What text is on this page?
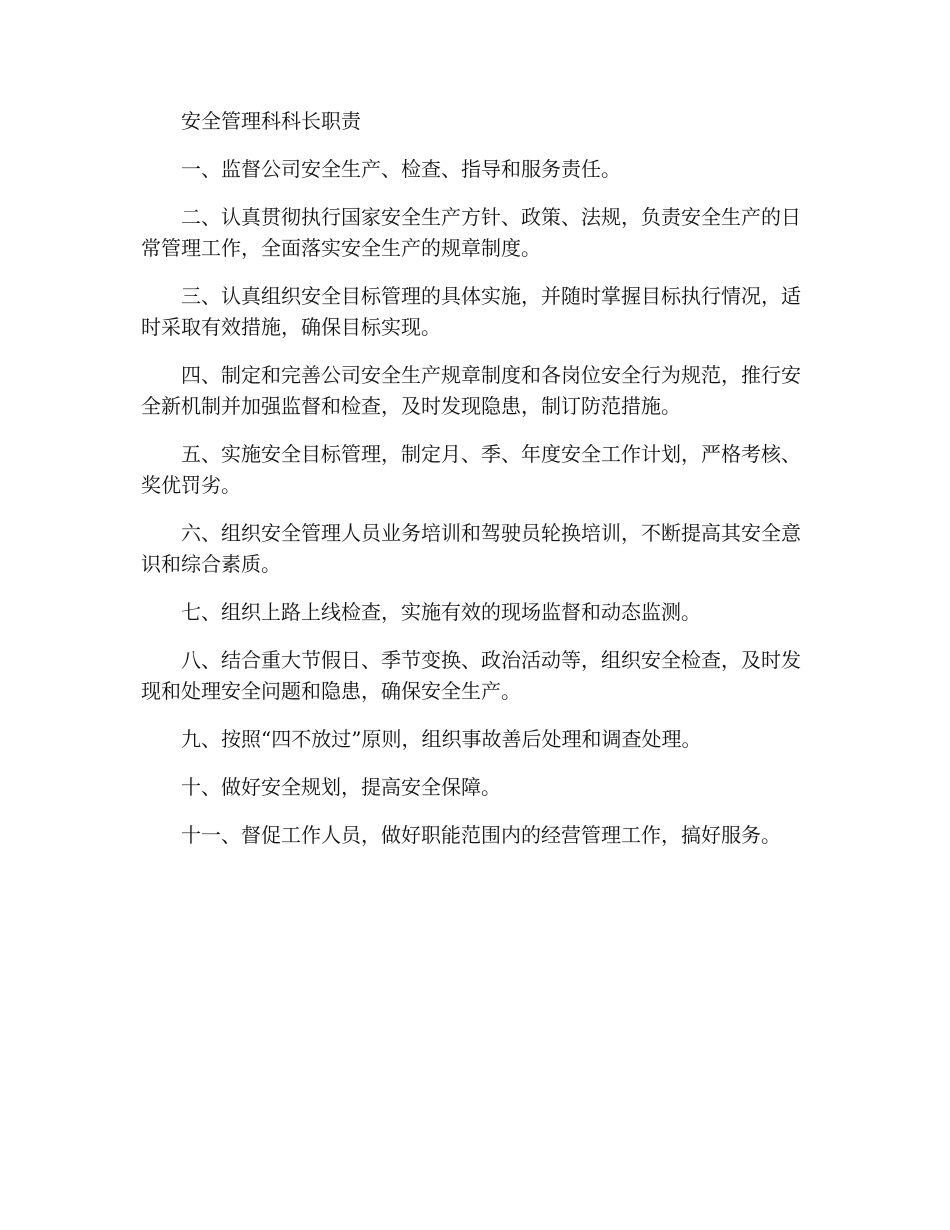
安全管理科科长职责

一、监督公司安全生产、检查、指导和服务责任。

二、认真贯彻执行国家安全生产方针、政策、法规，负责安全生产的日常管理工作，全面落实安全生产的规章制度。

三、认真组织安全目标管理的具体实施，并随时掌握目标执行情况，适时采取有效措施，确保目标实现。

四、制定和完善公司安全生产规章制度和各岗位安全行为规范，推行安全新机制并加强监督和检查，及时发现隐患，制订防范措施。

五、实施安全目标管理，制定月、季、年度安全工作计划，严格考核、奖优罚劣。

六、组织安全管理人员业务培训和驾驶员轮换培训，不断提高其安全意识和综合素质。

七、组织上路上线检查，实施有效的现场监督和动态监测。

八、结合重大节假日、季节变换、政治活动等，组织安全检查，及时发现和处理安全问题和隐患，确保安全生产。

九、按照“四不放过”原则，组织事故善后处理和调查处理。

十、做好安全规划，提高安全保障。

十一、督促工作人员，做好职能范围内的经营管理工作，搞好服务。
